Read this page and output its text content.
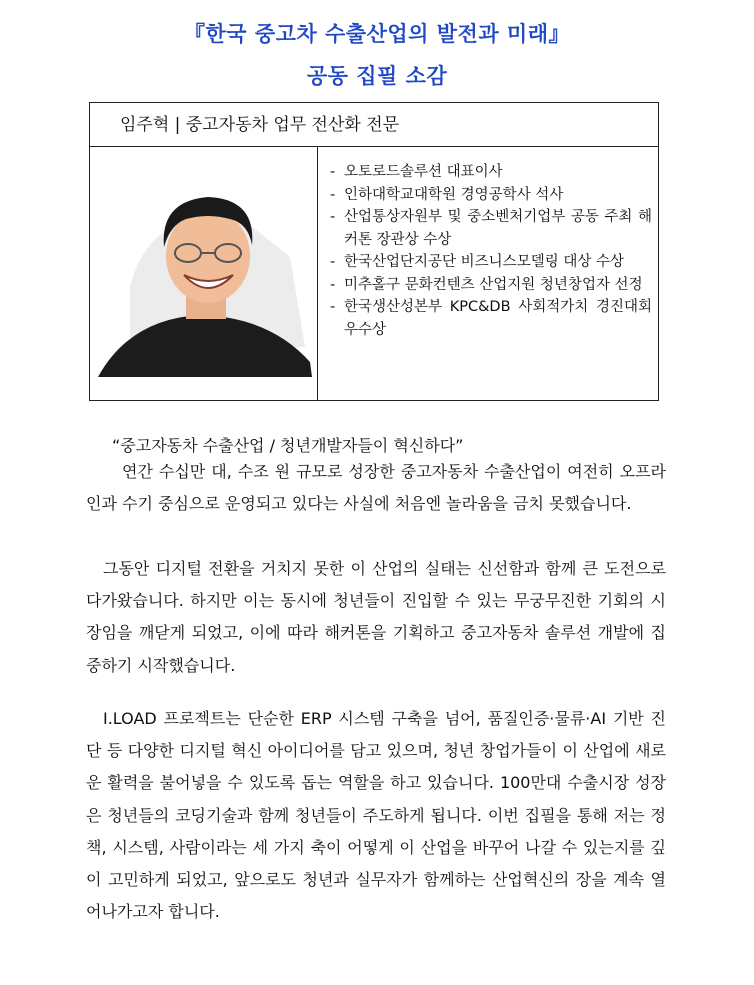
『한국 중고차 수출산업의 발전과 미래』
공동 집필 소감
임주혁 | 중고자동차 업무 전산화 전문
- 오토로드솔루션 대표이사
- 인하대학교대학원 경영공학사 석사
- 산업통상자원부 및 중소벤처기업부 공동 주최 해커톤 장관상 수상
- 한국산업단지공단 비즈니스모델링 대상 수상
- 미추홀구 문화컨텐츠 산업지원 청년창업자 선정
- 한국생산성본부 KPC&DB 사회적가치 경진대회 우수상
“중고자동차 수출산업 / 청년개발자들이 혁신하다”

연간 수십만 대, 수조 원 규모로 성장한 중고자동차 수출산업이 여전히 오프라인과 수기 중심으로 운영되고 있다는 사실에 처음엔 놀라움을 금치 못했습니다.

그동안 디지털 전환을 거치지 못한 이 산업의 실태는 신선함과 함께 큰 도전으로 다가왔습니다. 하지만 이는 동시에 청년들이 진입할 수 있는 무궁무진한 기회의 시장임을 깨닫게 되었고, 이에 따라 해커톤을 기획하고 중고자동차 솔루션 개발에 집중하기 시작했습니다.

I.LOAD 프로젝트는 단순한 ERP 시스템 구축을 넘어, 품질인증·물류·AI 기반 진단 등 다양한 디지털 혁신 아이디어를 담고 있으며, 청년 창업가들이 이 산업에 새로운 활력을 불어넣을 수 있도록 돕는 역할을 하고 있습니다. 100만대 수출시장 성장은 청년들의 코딩기술과 함께 청년들이 주도하게 됩니다. 이번 집필을 통해 저는 정책, 시스템, 사람이라는 세 가지 축이 어떻게 이 산업을 바꾸어 나갈 수 있는지를 깊이 고민하게 되었고, 앞으로도 청년과 실무자가 함께하는 산업혁신의 장을 계속 열어나가고자 합니다.
